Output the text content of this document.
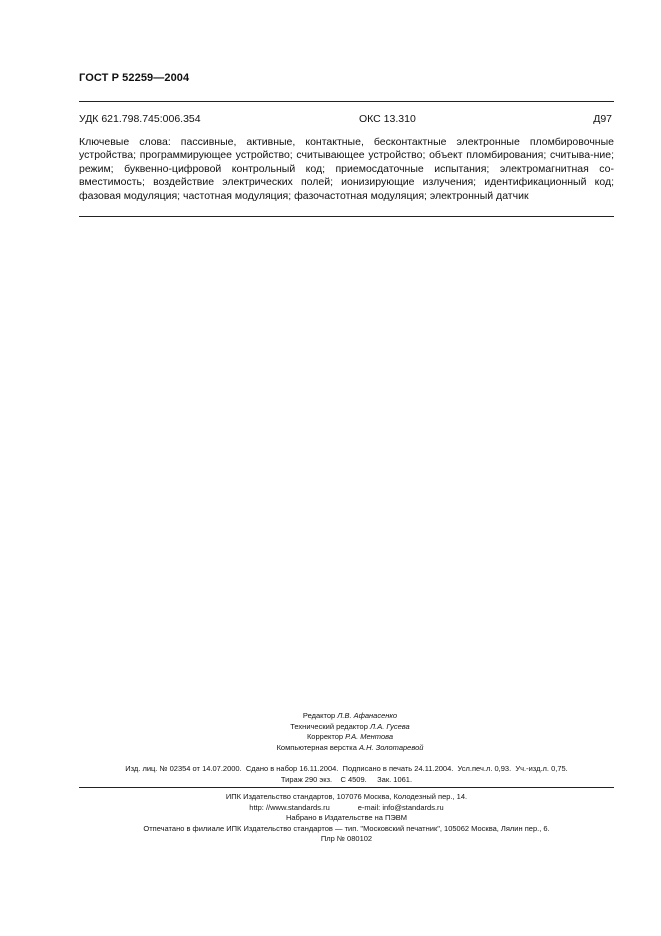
ГОСТ Р 52259—2004
УДК 621.798.745:006.354	ОКС 13.310	Д97
Ключевые слова: пассивные, активные, контактные, бесконтактные электронные пломбировочные устройства; программирующее устройство; считывающее устройство; объект пломбирования; считыва-ние; режим; буквенно-цифровой контрольный код; приемосдаточные испытания; электромагнитная со-вместимость; воздействие электрических полей; ионизирующие излучения; идентификационный код; фазовая модуляция; частотная модуляция; фазочастотная модуляция; электронный датчик
Редактор Л.В. Афанасенко
Технический редактор Л.А. Гусева
Корректор Р.А. Ментова
Компьютерная верстка А.Н. Золотаревой
Изд. лиц. № 02354 от 14.07.2000.  Сдано в набор 16.11.2004.  Подписано в печать 24.11.2004.  Усл.печ.л. 0,93.  Уч.-изд.л. 0,75.
Тираж 290 экз.    С 4509.     Зак. 1061.
ИПК Издательство стандартов, 107076 Москва, Колодезный пер., 14.
http: //www.standards.ru	e-mail: info@standards.ru
Набрано в Издательстве на ПЭВМ
Отпечатано в филиале ИПК Издательство стандартов — тип. "Московский печатник", 105062 Москва, Лялин пер., 6.
Плр № 080102
